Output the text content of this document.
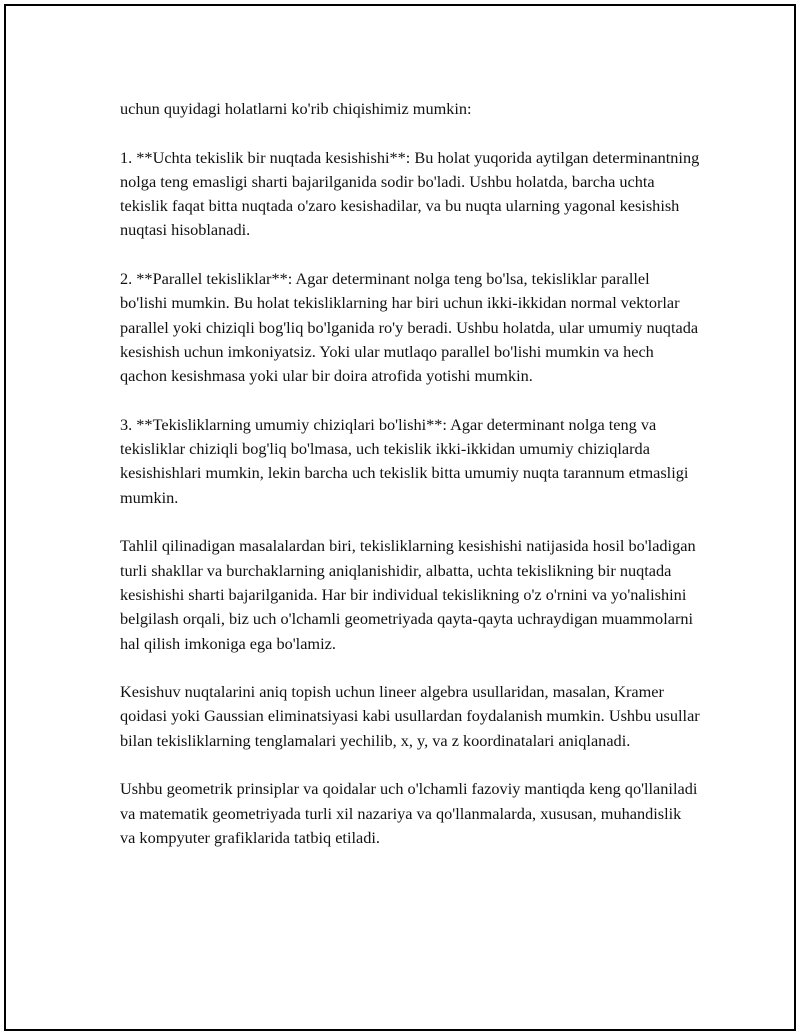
uchun quyidagi holatlarni ko'rib chiqishimiz mumkin:

1. **Uchta tekislik bir nuqtada kesishishi**: Bu holat yuqorida aytilgan determinantning nolga teng emasligi sharti bajarilganida sodir bo'ladi. Ushbu holatda, barcha uchta tekislik faqat bitta nuqtada o'zaro kesishadilar, va bu nuqta ularning yagonal kesishish nuqtasi hisoblanadi.

2. **Parallel tekisliklar**: Agar determinant nolga teng bo'lsa, tekisliklar parallel bo'lishi mumkin. Bu holat tekisliklarning har biri uchun ikki-ikkidan normal vektorlar parallel yoki chiziqli bog'liq bo'lganida ro'y beradi. Ushbu holatda, ular umumiy nuqtada kesishish uchun imkoniyatsiz. Yoki ular mutlaqo parallel bo'lishi mumkin va hech qachon kesishmasa yoki ular bir doira atrofida yotishi mumkin.

3. **Tekisliklarning umumiy chiziqlari bo'lishi**: Agar determinant nolga teng va tekisliklar chiziqli bog'liq bo'lmasa, uch tekislik ikki-ikkidan umumiy chiziqlarda kesishishlari mumkin, lekin barcha uch tekislik bitta umumiy nuqta tarannum etmasligi mumkin.

Tahlil qilinadigan masalalardan biri, tekisliklarning kesishishi natijasida hosil bo'ladigan turli shakllar va burchaklarning aniqlanishidir, albatta, uchta tekislikning bir nuqtada kesishishi sharti bajarilganida. Har bir individual tekislikning o'z o'rnini va yo'nalishini belgilash orqali, biz uch o'lchamli geometriyada qayta-qayta uchraydigan muammolarni hal qilish imkoniga ega bo'lamiz.

Kesishuv nuqtalarini aniq topish uchun lineer algebra usullaridan, masalan, Kramer qoidasi yoki Gaussian eliminatsiyasi kabi usullardan foydalanish mumkin. Ushbu usullar bilan tekisliklarning tenglamalari yechilib, x, y, va z koordinatalari aniqlanadi.

Ushbu geometrik prinsiplar va qoidalar uch o'lchamli fazoviy mantiqda keng qo'llaniladi va matematik geometriyada turli xil nazariya va qo'llanmalarda, xususan, muhandislik va kompyuter grafiklarida tatbiq etiladi.
